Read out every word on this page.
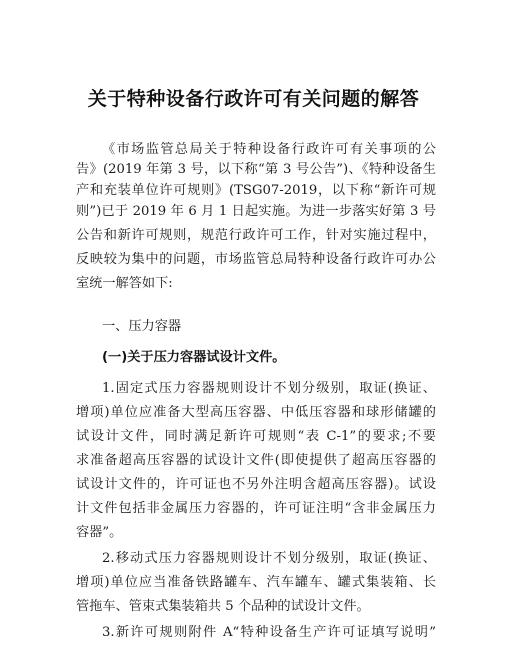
关于特种设备行政许可有关问题的解答

《市场监管总局关于特种设备行政许可有关事项的公

告》(2019 年第 3 号，以下称“第 3 号公告”)、《特种设备生

产和充装单位许可规则》(TSG07-2019，以下称“新许可规

则”)已于 2019 年 6 月 1 日起实施。为进一步落实好第 3 号

公告和新许可规则，规范行政许可工作，针对实施过程中，

反映较为集中的问题，市场监管总局特种设备行政许可办公

室统一解答如下:

一、压力容器

(一)关于压力容器试设计文件。

1.固定式压力容器规则设计不划分级别，取证(换证、

增项)单位应准备大型高压容器、中低压容器和球形储罐的

试设计文件，同时满足新许可规则“表 C-1”的要求;不要

求准备超高压容器的试设计文件(即使提供了超高压容器的

试设计文件的，许可证也不另外注明含超高压容器)。试设

计文件包括非金属压力容器的，许可证注明“含非金属压力

容器”。

2.移动式压力容器规则设计不划分级别，取证(换证、

增项)单位应当准备铁路罐车、汽车罐车、罐式集装箱、长

管拖车、管束式集装箱共 5 个品种的试设计文件。

3.新许可规则附件 A“特种设备生产许可证填写说明”
